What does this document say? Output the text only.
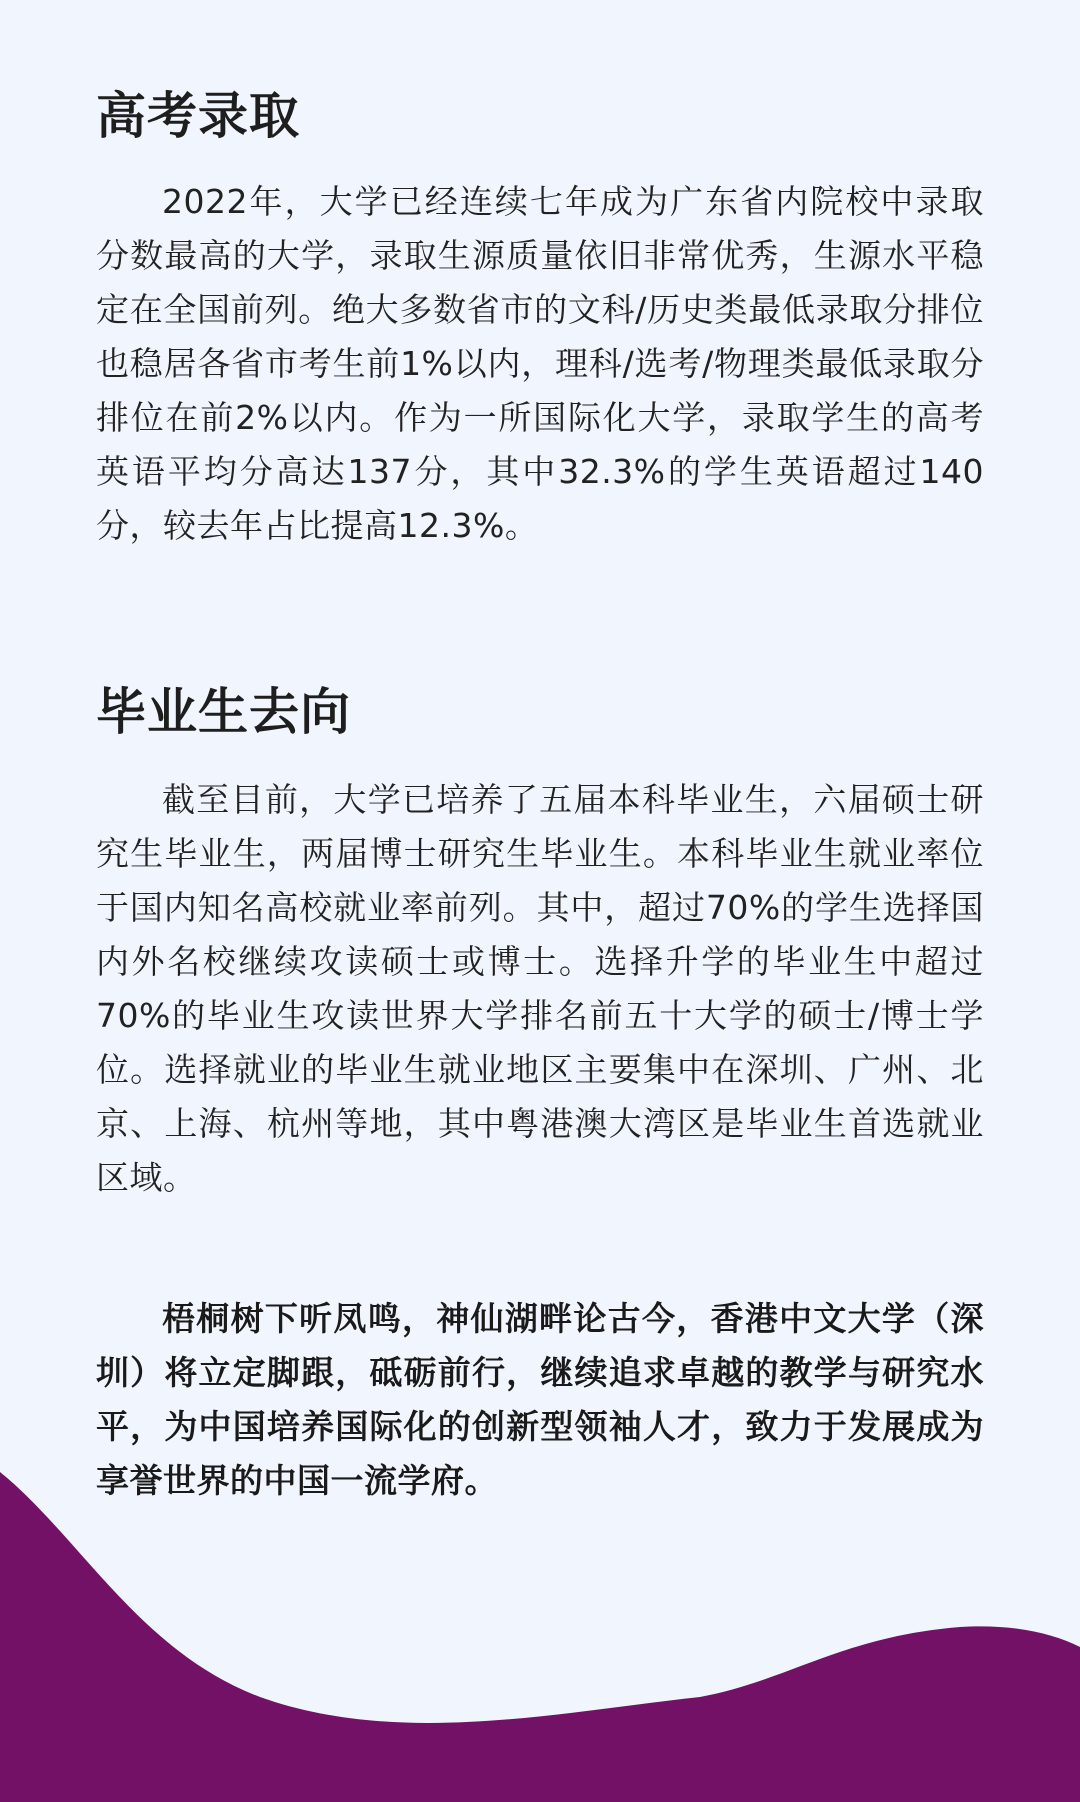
高考录取

2022年，大学已经连续七年成为广东省内院校中录取分数最高的大学，录取生源质量依旧非常优秀，生源水平稳定在全国前列。绝大多数省市的文科/历史类最低录取分排位也稳居各省市考生前1%以内，理科/选考/物理类最低录取分排位在前2%以内。作为一所国际化大学，录取学生的高考英语平均分高达137分，其中32.3%的学生英语超过140分，较去年占比提高12.3%。

毕业生去向

截至目前，大学已培养了五届本科毕业生，六届硕士研究生毕业生，两届博士研究生毕业生。本科毕业生就业率位于国内知名高校就业率前列。其中，超过70%的学生选择国内外名校继续攻读硕士或博士。选择升学的毕业生中超过70%的毕业生攻读世界大学排名前五十大学的硕士/博士学位。选择就业的毕业生就业地区主要集中在深圳、广州、北京、上海、杭州等地，其中粤港澳大湾区是毕业生首选就业区域。

梧桐树下听凤鸣，神仙湖畔论古今，香港中文大学（深圳）将立定脚跟，砥砺前行，继续追求卓越的教学与研究水平，为中国培养国际化的创新型领袖人才，致力于发展成为享誉世界的中国一流学府。
